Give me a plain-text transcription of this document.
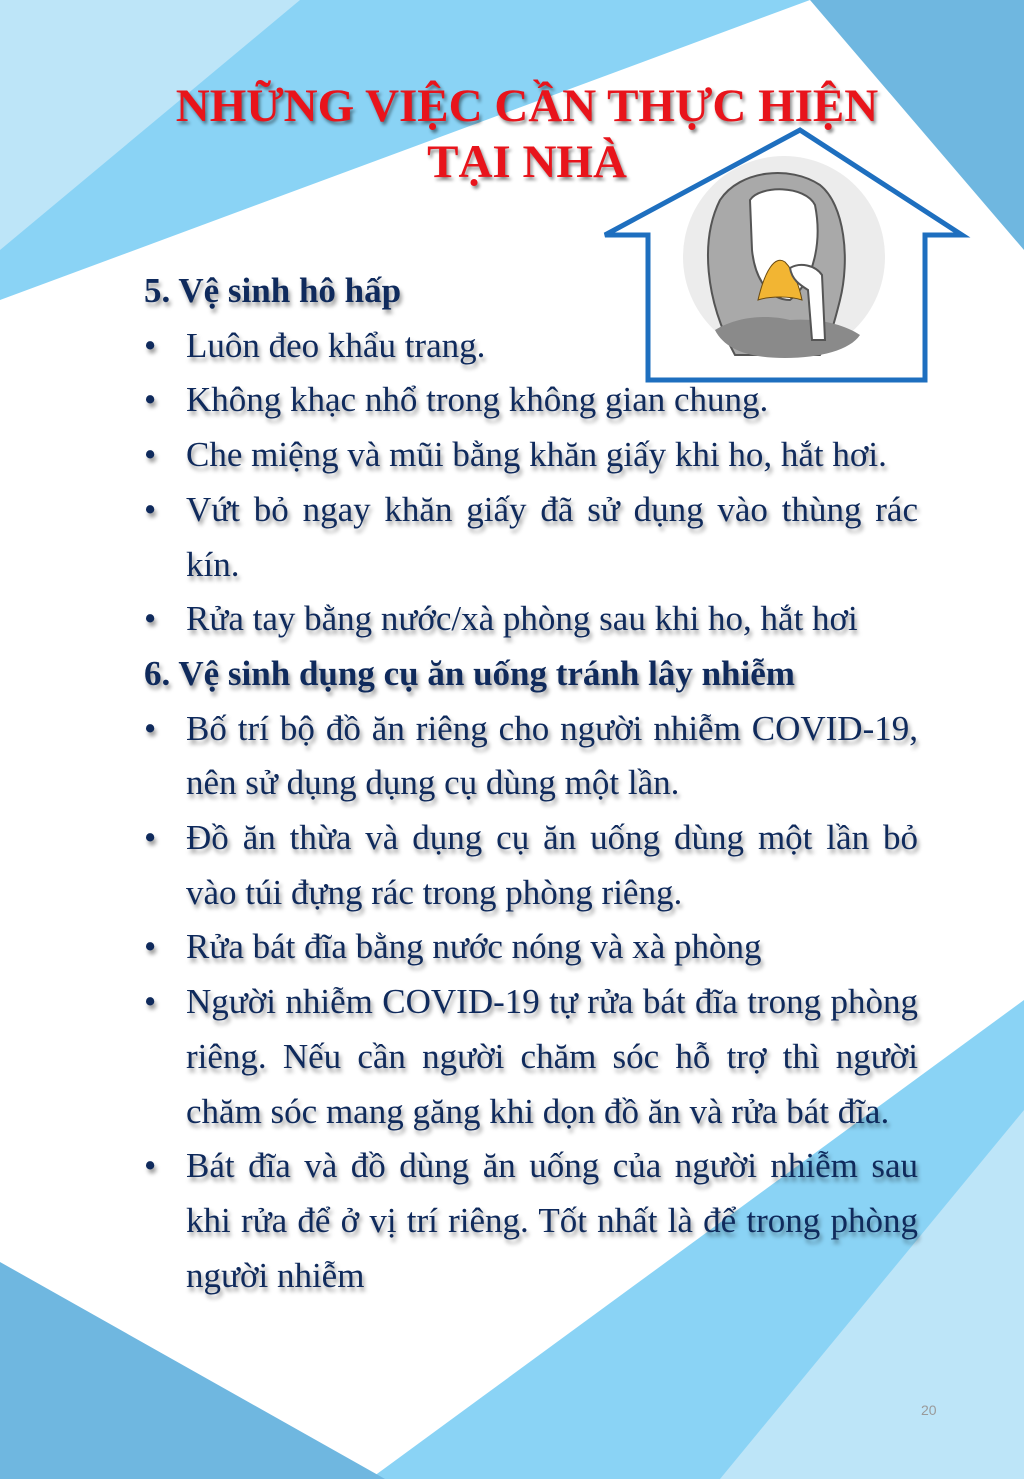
NHỮNG VIỆC CẦN THỰC HIỆN
TẠI NHÀ
5. Vệ sinh hô hấp
• Luôn đeo khẩu trang.
• Không khạc nhổ trong không gian chung.
• Che miệng và mũi bằng khăn giấy khi ho, hắt hơi.
• Vứt bỏ ngay khăn giấy đã sử dụng vào thùng rác kín.
• Rửa tay bằng nước/xà phòng sau khi ho, hắt hơi
6. Vệ sinh dụng cụ ăn uống tránh lây nhiễm
• Bố trí bộ đồ ăn riêng cho người nhiễm COVID-19, nên sử dụng dụng cụ dùng một lần.
• Đồ ăn thừa và dụng cụ ăn uống dùng một lần bỏ vào túi đựng rác trong phòng riêng.
• Rửa bát đĩa bằng nước nóng và xà phòng
• Người nhiễm COVID-19 tự rửa bát đĩa trong phòng riêng. Nếu cần người chăm sóc hỗ trợ thì người chăm sóc mang găng khi dọn đồ ăn và rửa bát đĩa.
• Bát đĩa và đồ dùng ăn uống của người nhiễm sau khi rửa để ở vị trí riêng. Tốt nhất là để trong phòng người nhiễm
20
